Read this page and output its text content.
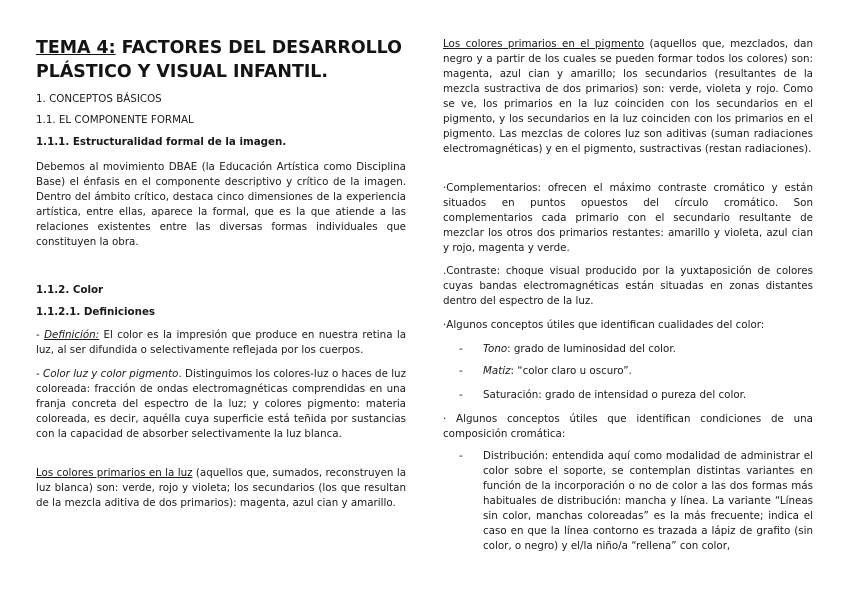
TEMA 4: FACTORES DEL DESARROLLO PLÁSTICO Y VISUAL INFANTIL.

1. CONCEPTOS BÁSICOS

1.1. EL COMPONENTE FORMAL

1.1.1. Estructuralidad formal de la imagen.

Debemos al movimiento DBAE (la Educación Artística como Disciplina Base) el énfasis en el componente descriptivo y crítico de la imagen. Dentro del ámbito crítico, destaca cinco dimensiones de la experiencia artística, entre ellas, aparece la formal, que es la que atiende a las relaciones existentes entre las diversas formas individuales que constituyen la obra.

1.1.2. Color

1.1.2.1. Definiciones

- Definición: El color es la impresión que produce en nuestra retina la luz, al ser difundida o selectivamente reflejada por los cuerpos.

- Color luz y color pigmento. Distinguimos los colores-luz o haces de luz coloreada: fracción de ondas electromagnéticas comprendidas en una franja concreta del espectro de la luz; y colores pigmento: materia coloreada, es decir, aquélla cuya superficie está teñida por sustancias con la capacidad de absorber selectivamente la luz blanca.

Los colores primarios en la luz (aquellos que, sumados, reconstruyen la luz blanca) son: verde, rojo y violeta; los secundarios (los que resultan de la mezcla aditiva de dos primarios): magenta, azul cian y amarillo.

Los colores primarios en el pigmento (aquellos que, mezclados, dan negro y a partir de los cuales se pueden formar todos los colores) son: magenta, azul cian y amarillo; los secundarios (resultantes de la mezcla sustractiva de dos primarios) son: verde, violeta y rojo. Como se ve, los primarios en la luz coinciden con los secundarios en el pigmento, y los secundarios en la luz coinciden con los primarios en el pigmento. Las mezclas de colores luz son aditivas (suman radiaciones electromagnéticas) y en el pigmento, sustractivas (restan radiaciones).

·Complementarios: ofrecen el máximo contraste cromático y están situados en puntos opuestos del círculo cromático. Son complementarios cada primario con el secundario resultante de mezclar los otros dos primarios restantes: amarillo y violeta, azul cian y rojo, magenta y verde.

.Contraste: choque visual producido por la yuxtaposición de colores cuyas bandas electromagnéticas están situadas en zonas distantes dentro del espectro de la luz.

·Algunos conceptos útiles que identifican cualidades del color:

- Tono: grado de luminosidad del color.

- Matiz: “color claro u oscuro”.

- Saturación: grado de intensidad o pureza del color.

· Algunos conceptos útiles que identifican condiciones de una composición cromática:

- Distribución: entendida aquí como modalidad de administrar el color sobre el soporte, se contemplan distintas variantes en función de la incorporación o no de color a las dos formas más habituales de distribución: mancha y línea. La variante “Líneas sin color, manchas coloreadas” es la más frecuente; indica el caso en que la línea contorno es trazada a lápiz de grafito (sin color, o negro) y el/la niño/a “rellena” con color,
